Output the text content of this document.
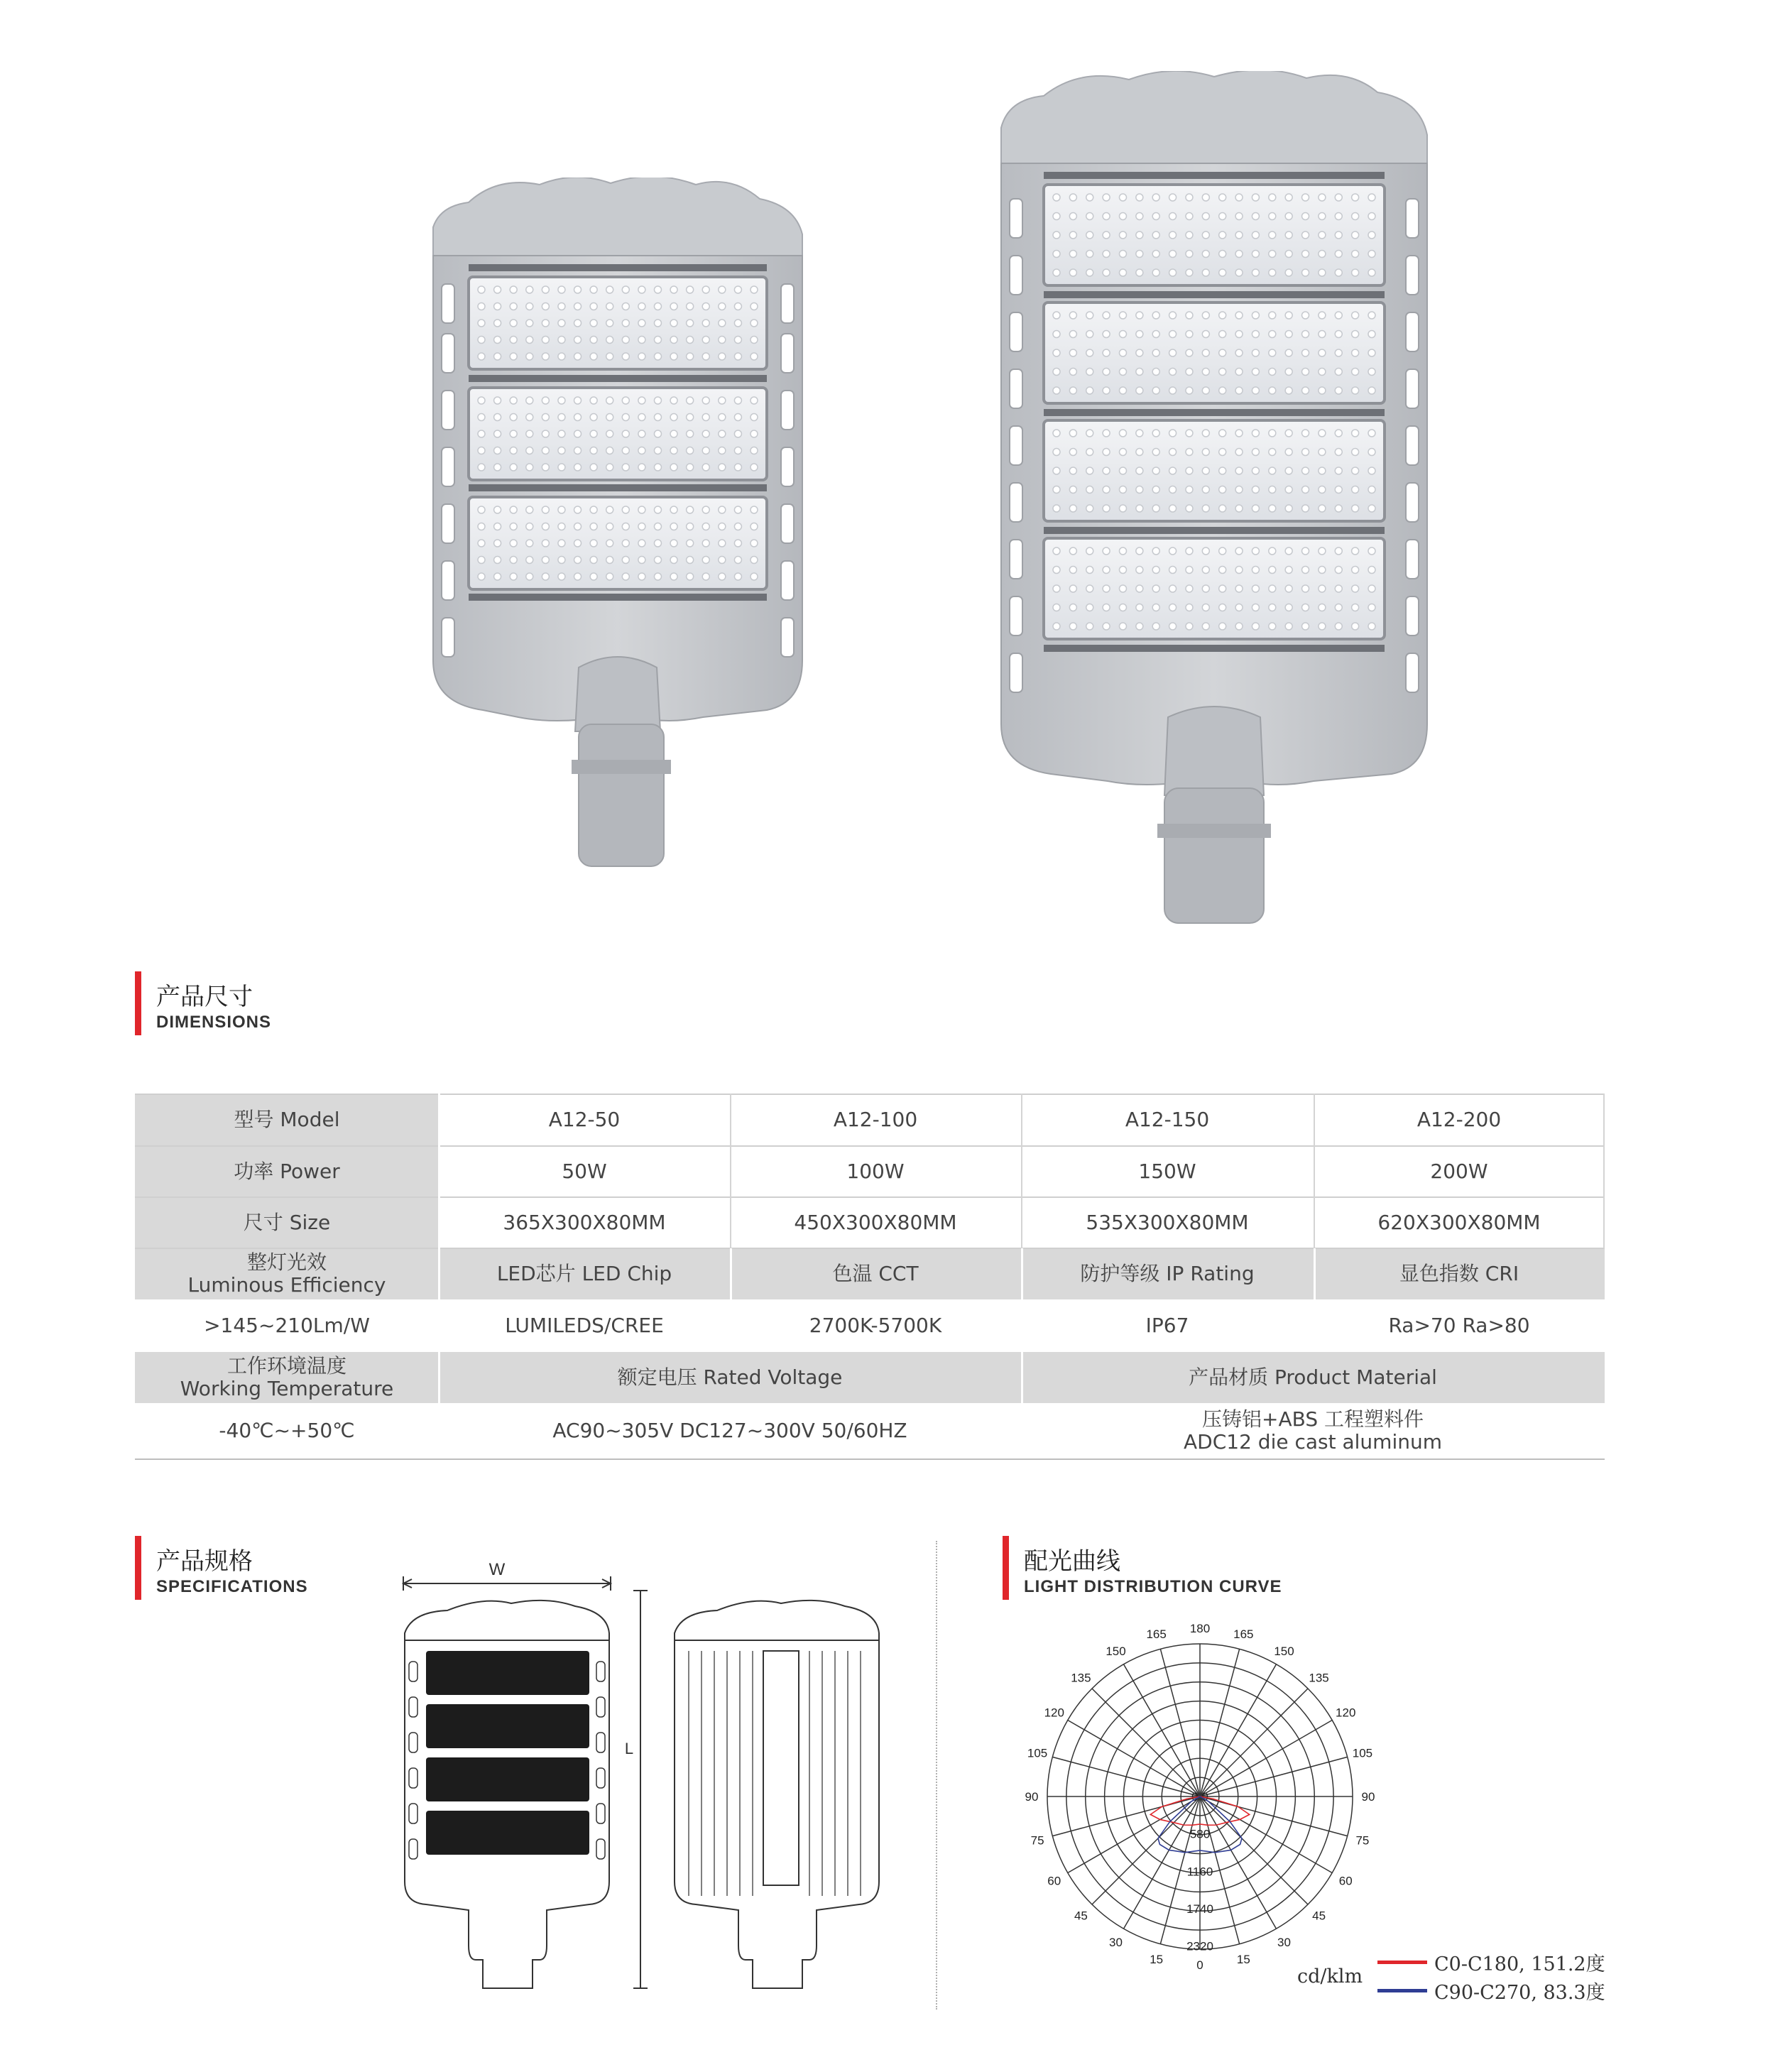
产品尺寸
DIMENSIONS
型号 Model	A12-50	A12-100	A12-150	A12-200
功率 Power	50W	100W	150W	200W
尺寸 Size	365X300X80MM	450X300X80MM	535X300X80MM	620X300X80MM
整灯光效
Luminous Efficiency	LED芯片 LED Chip	色温 CCT	防护等级 IP Rating	显色指数 CRI
>145~210Lm/W	LUMILEDS/CREE	2700K-5700K	IP67	Ra>70 Ra>80
工作环境温度
Working Temperature	额定电压 Rated Voltage	产品材质 Product Material
-40℃~+50℃	AC90~305V DC127~300V 50/60HZ	压铸铝+ABS 工程塑料件
ADC12 die cast aluminum
产品规格
SPECIFICATIONS
配光曲线
LIGHT DISTRIBUTION CURVE
W
L
180
165	165
150	150
135	135
120	120
105	105
90	90
75	75
60	60
45	45
30	30
15	15
0
580
1160
1740
2320
0 0
cd/klm
C0-C180, 151.2度
C90-C270, 83.3度
